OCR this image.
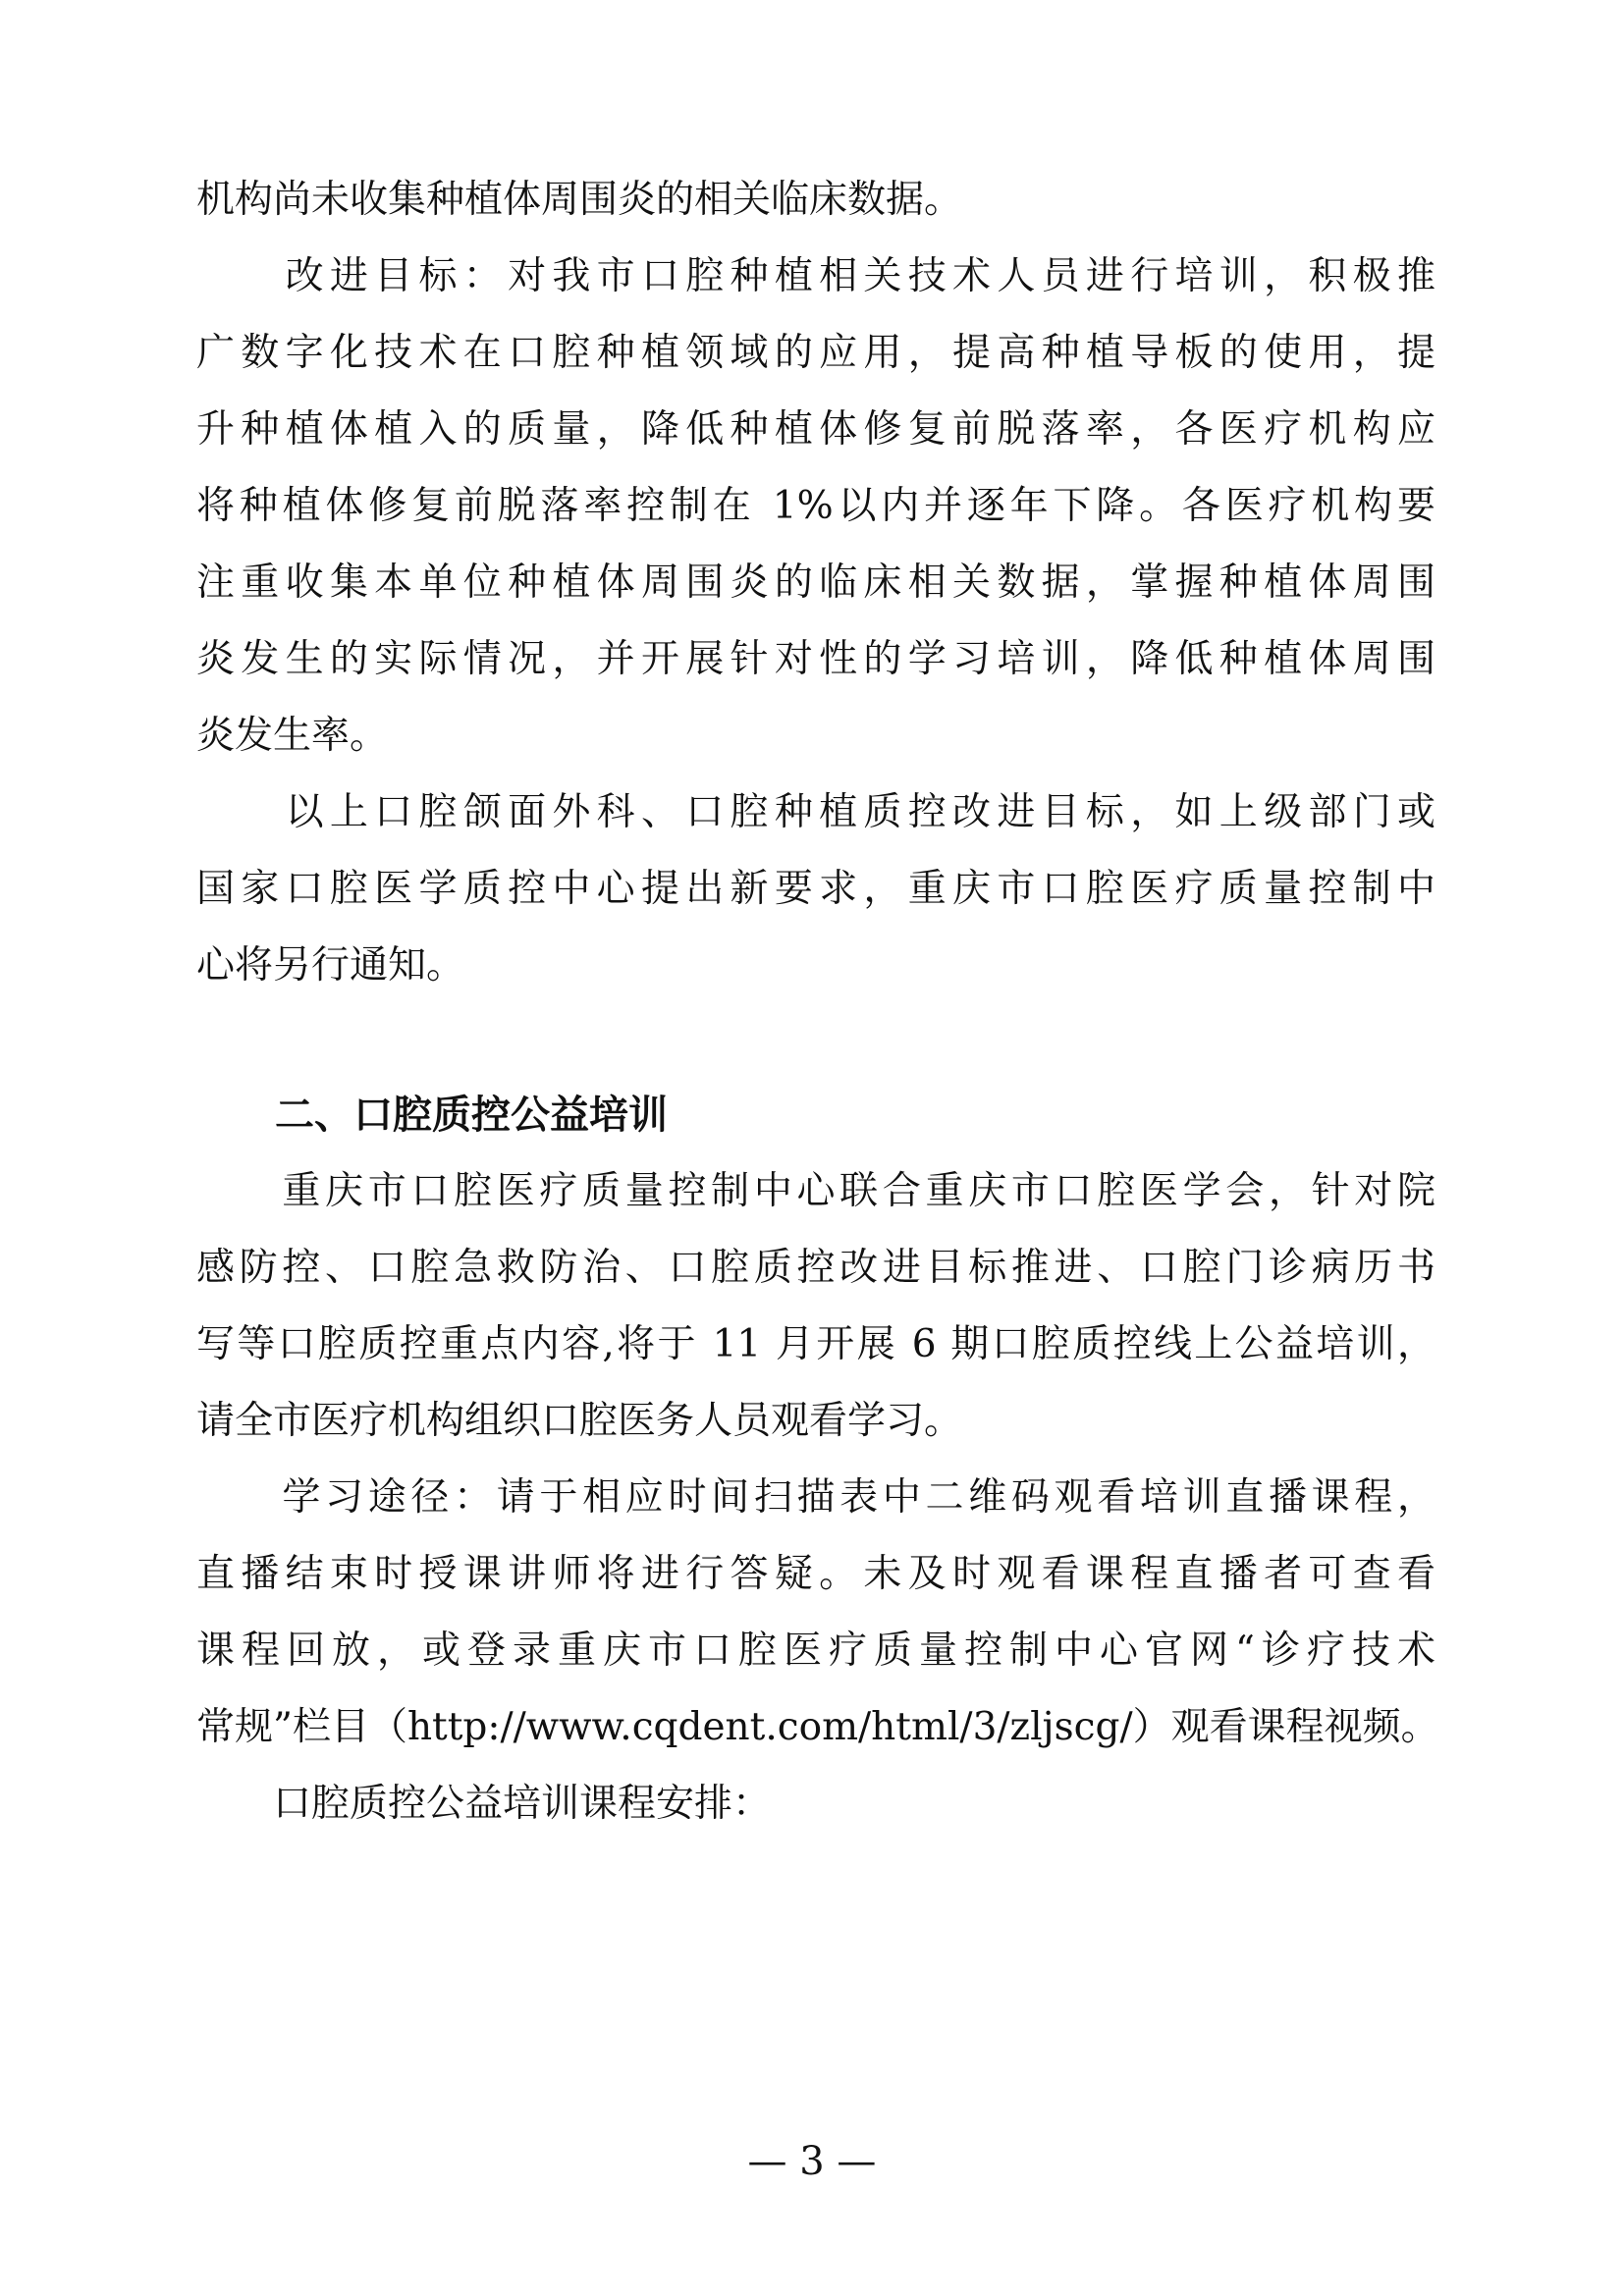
机构尚未收集种植体周围炎的相关临床数据。
　　改进目标：对我市口腔种植相关技术人员进行培训，积极推
广数字化技术在口腔种植领域的应用，提高种植导板的使用，提
升种植体植入的质量，降低种植体修复前脱落率，各医疗机构应
将种植体修复前脱落率控制在 1%以内并逐年下降。各医疗机构要
注重收集本单位种植体周围炎的临床相关数据，掌握种植体周围
炎发生的实际情况，并开展针对性的学习培训，降低种植体周围
炎发生率。
　　以上口腔颌面外科、口腔种植质控改进目标，如上级部门或
国家口腔医学质控中心提出新要求，重庆市口腔医疗质量控制中
心将另行通知。
　　二、口腔质控公益培训
　　重庆市口腔医疗质量控制中心联合重庆市口腔医学会，针对院
感防控、口腔急救防治、口腔质控改进目标推进、口腔门诊病历书
写等口腔质控重点内容,将于 11 月开展 6 期口腔质控线上公益培训，
请全市医疗机构组织口腔医务人员观看学习。
　　学习途径：请于相应时间扫描表中二维码观看培训直播课程，
直播结束时授课讲师将进行答疑。未及时观看课程直播者可查看
课程回放，或登录重庆市口腔医疗质量控制中心官网“诊疗技术
常规”栏目（http://www.cqdent.com/html/3/zljscg/）观看课程视频。
　　口腔质控公益培训课程安排：
— 3 —
